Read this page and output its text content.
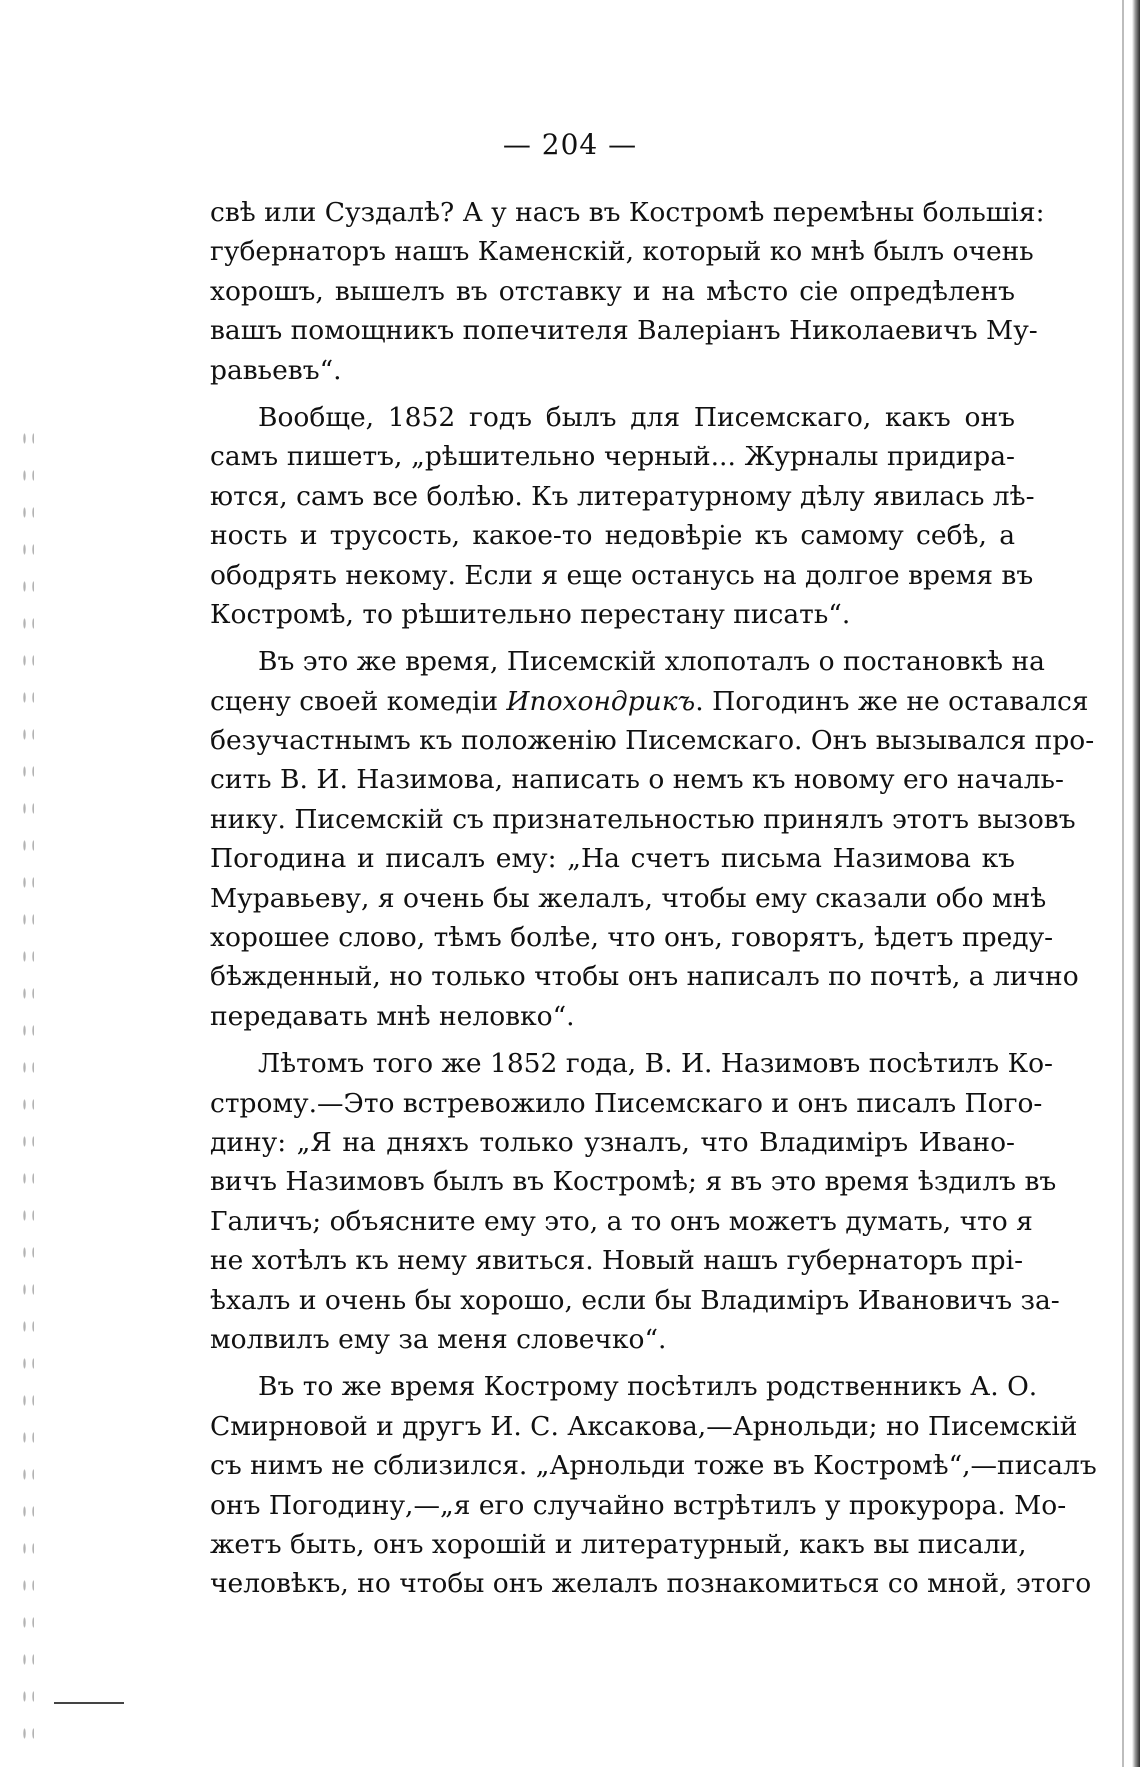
— 204 —
свѣ или Суздалѣ? А у насъ въ Костромѣ перемѣны большія:
губернаторъ нашъ Каменскій, который ко мнѣ былъ очень
хорошъ, вышелъ въ отставку и на мѣсто сіе опредѣленъ
вашъ помощникъ попечителя Валеріанъ Николаевичъ Му-
равьевъ“.
Вообще, 1852 годъ былъ для Писемскаго, какъ онъ
самъ пишетъ, „рѣшительно черный... Журналы придира-
ются, самъ все болѣю. Къ литературному дѣлу явилась лѣ-
ность и трусость, какое-то недовѣріе къ самому себѣ, а
ободрять некому. Если я еще останусь на долгое время въ
Костромѣ, то рѣшительно перестану писать“.
Въ это же время, Писемскій хлопоталъ о постановкѣ на
сцену своей комедіи Ипохондрикъ. Погодинъ же не оставался
безучастнымъ къ положенію Писемскаго. Онъ вызывался про-
сить В. И. Назимова, написать о немъ къ новому его началь-
нику. Писемскій съ признательностью принялъ этотъ вызовъ
Погодина и писалъ ему: „На счетъ письма Назимова къ
Муравьеву, я очень бы желалъ, чтобы ему сказали обо мнѣ
хорошее слово, тѣмъ болѣе, что онъ, говорятъ, ѣдетъ преду-
бѣжденный, но только чтобы онъ написалъ по почтѣ, а лично
передавать мнѣ неловко“.
Лѣтомъ того же 1852 года, В. И. Назимовъ посѣтилъ Ко-
строму.—Это встревожило Писемскаго и онъ писалъ Пого-
дину: „Я на дняхъ только узналъ, что Владиміръ Ивано-
вичъ Назимовъ былъ въ Костромѣ; я въ это время ѣздилъ въ
Галичъ; объясните ему это, а то онъ можетъ думать, что я
не хотѣлъ къ нему явиться. Новый нашъ губернаторъ прі-
ѣхалъ и очень бы хорошо, если бы Владиміръ Ивановичъ за-
молвилъ ему за меня словечко“.
Въ то же время Кострому посѣтилъ родственникъ А. О.
Смирновой и другъ И. С. Аксакова,—Арнольди; но Писемскій
съ нимъ не сблизился. „Арнольди тоже въ Костромѣ“,—писалъ
онъ Погодину,—„я его случайно встрѣтилъ у прокурора. Мо-
жетъ быть, онъ хорошій и литературный, какъ вы писали,
человѣкъ, но чтобы онъ желалъ познакомиться со мной, этого
